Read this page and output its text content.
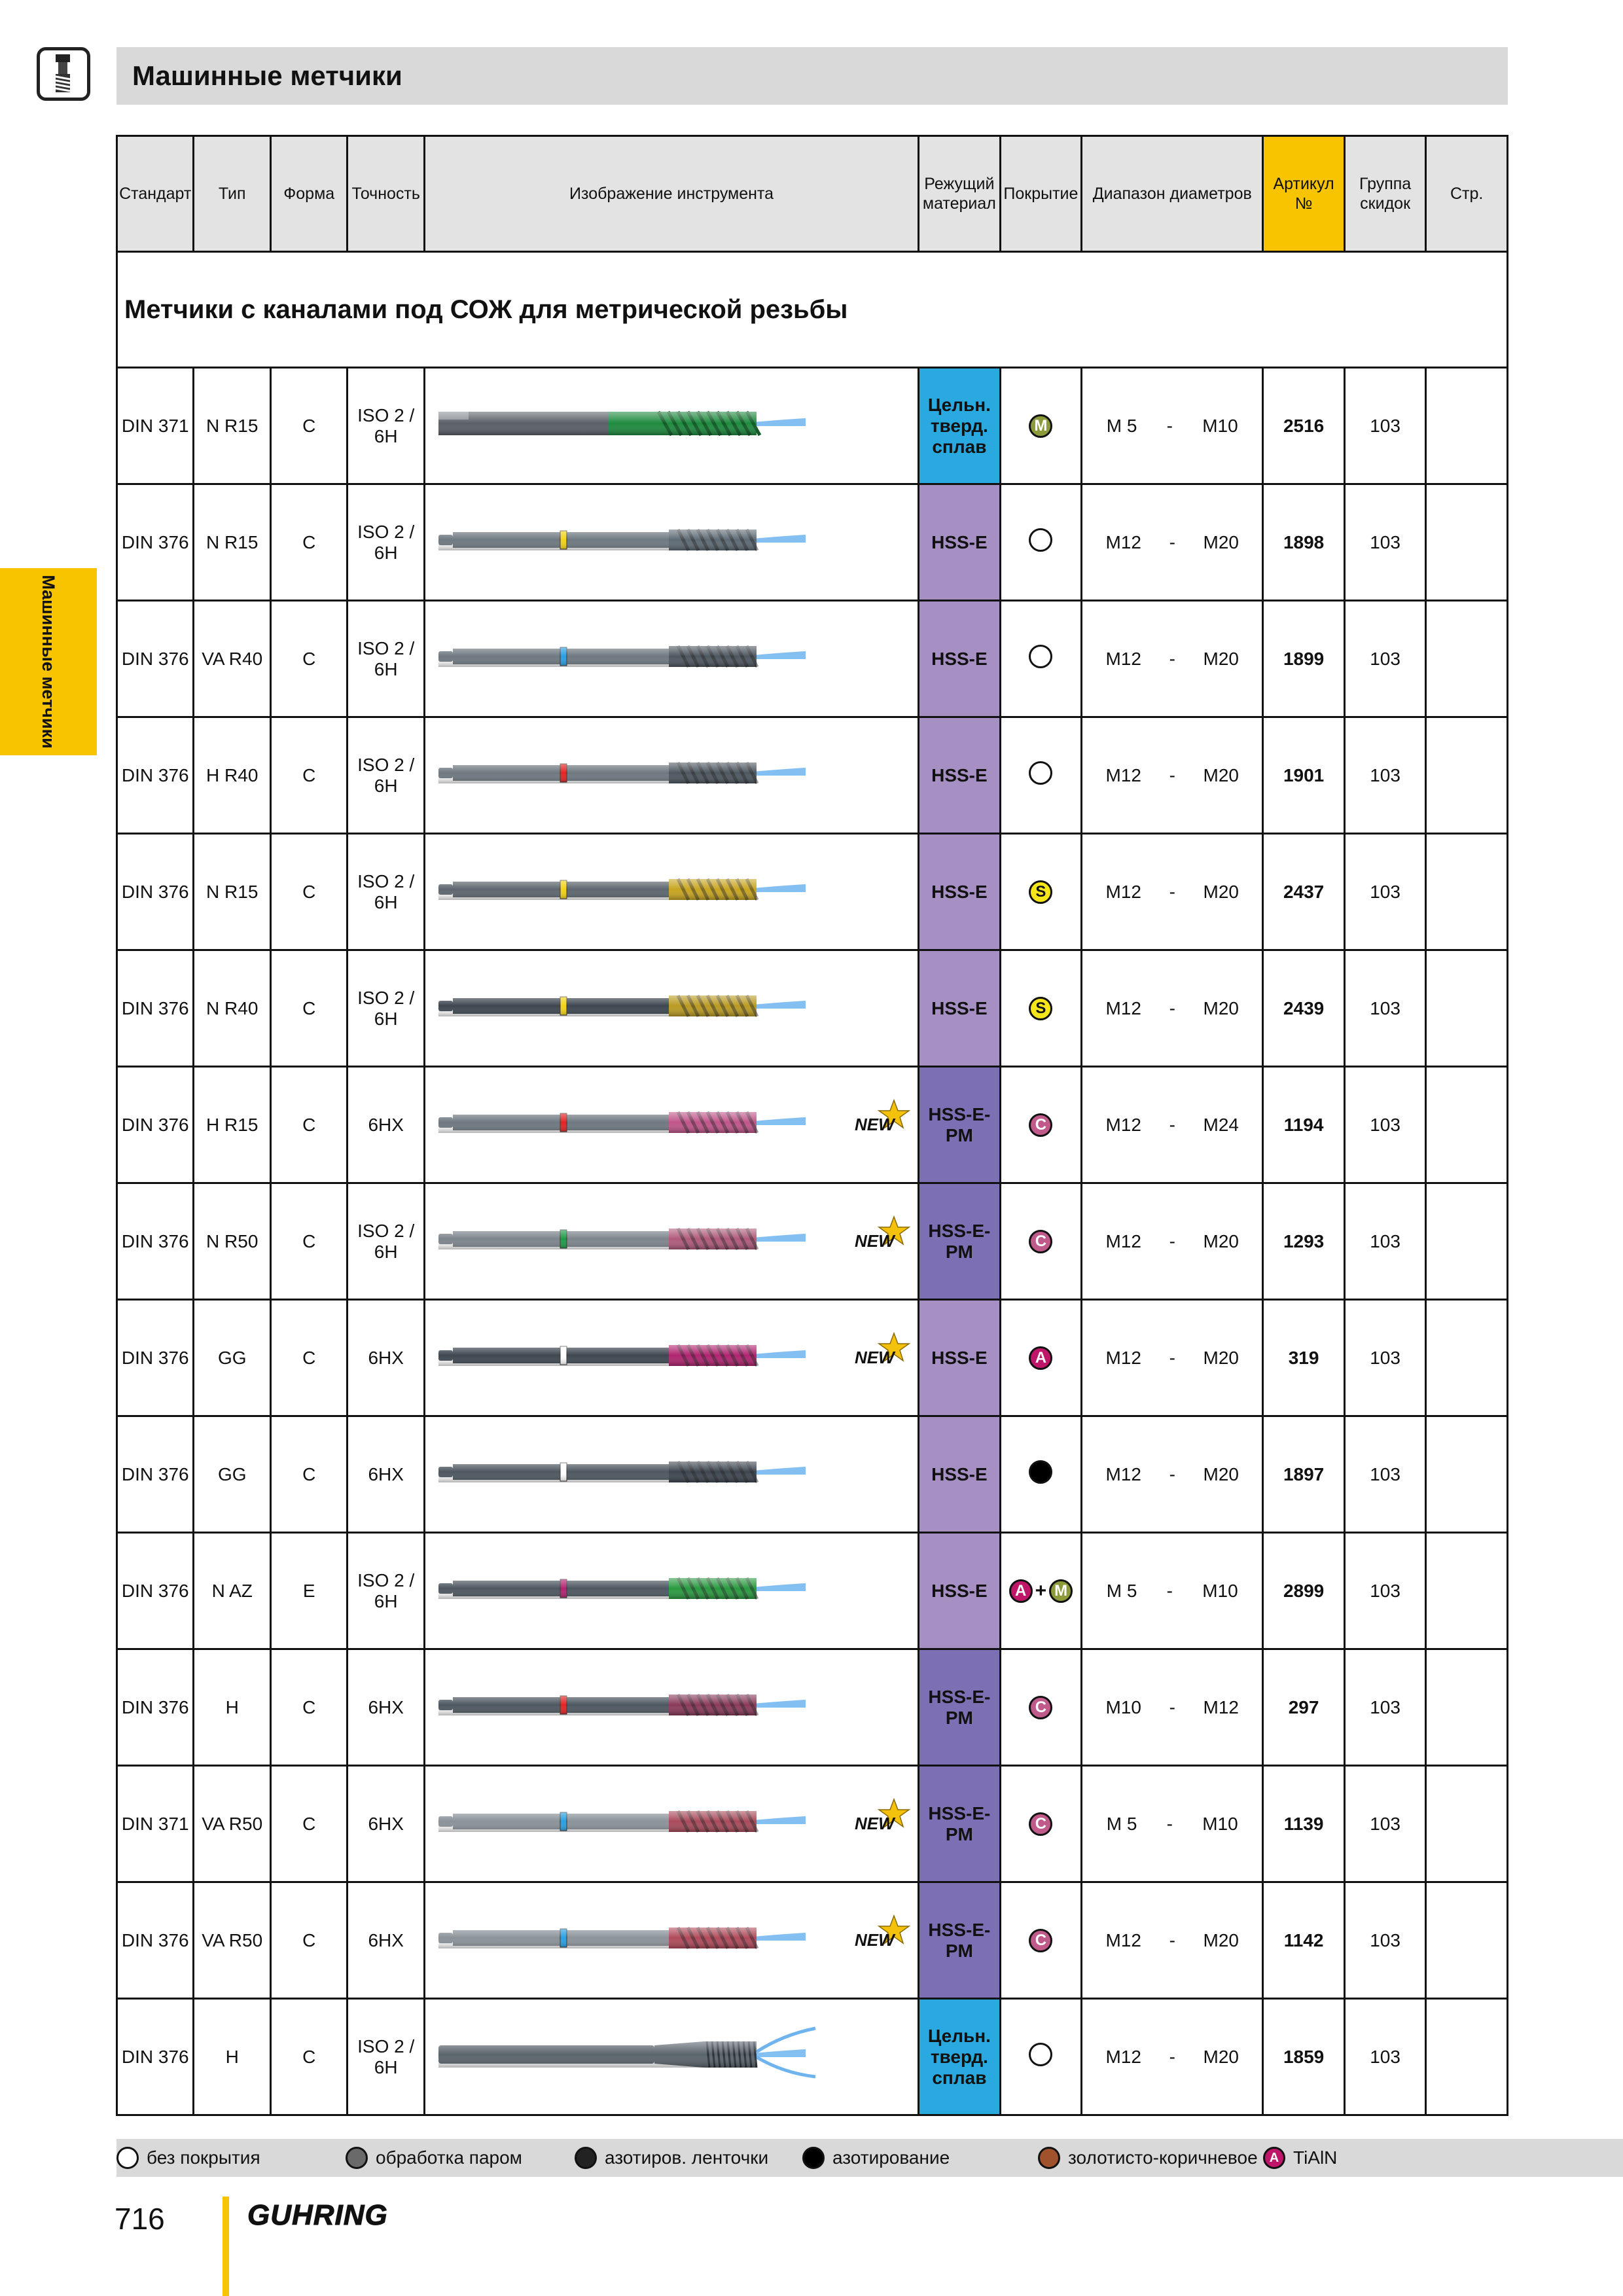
Машинные метчики
Машинные метчики
Стандарт	Тип	Форма	Точность	Изображение инструмента	Режущий материал	Покрытие	Диапазон диаметров	Артикул №	Группа скидок	Стр.
Метчики с каналами под СОЖ для метрической резьбы										
DIN 371	N R15	C	ISO 2 / 6H		Цельн. тверд. сплав	M	M 5 - M10	2516	103	
DIN 376	N R15	C	ISO 2 / 6H		HSS-E		M12 - M20	1898	103	
DIN 376	VA R40	C	ISO 2 / 6H		HSS-E		M12 - M20	1899	103	
DIN 376	H R40	C	ISO 2 / 6H		HSS-E		M12 - M20	1901	103	
DIN 376	N R15	C	ISO 2 / 6H		HSS-E	S	M12 - M20	2437	103	
DIN 376	N R40	C	ISO 2 / 6H		HSS-E	S	M12 - M20	2439	103	
DIN 376	H R15	C	6HX	NEW	HSS-E-PM	C	M12 - M24	1194	103	
DIN 376	N R50	C	ISO 2 / 6H	NEW	HSS-E-PM	C	M12 - M20	1293	103	
DIN 376	GG	C	6HX	NEW	HSS-E	A	M12 - M20	319	103	
DIN 376	GG	C	6HX		HSS-E		M12 - M20	1897	103	
DIN 376	N AZ	E	ISO 2 / 6H		HSS-E	A + M	M 5 - M10	2899	103	
DIN 376	H	C	6HX		HSS-E-PM	C	M10 - M12	297	103	
DIN 371	VA R50	C	6HX	NEW	HSS-E-PM	C	M 5 - M10	1139	103	
DIN 376	VA R50	C	6HX	NEW	HSS-E-PM	C	M12 - M20	1142	103	
DIN 376	H	C	ISO 2 / 6H		Цельн. тверд. сплав		M12 - M20	1859	103	
без покрытия	обработка паром	азотиров. ленточки	азотирование	золотисто-коричневое A TiAlN
716	GUHRING
